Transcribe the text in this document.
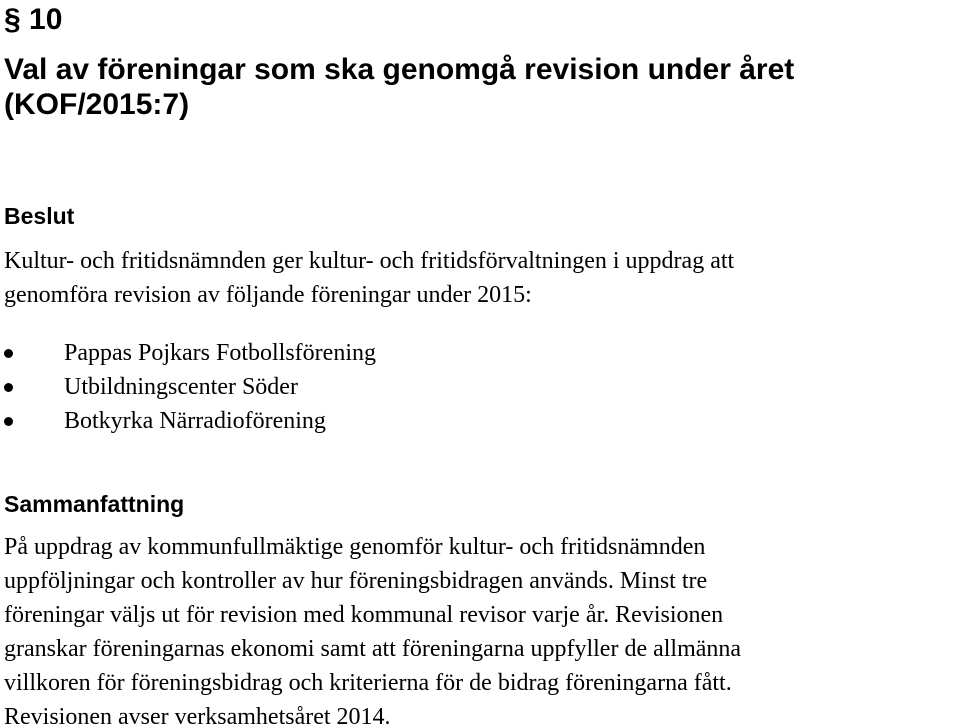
§ 10
Val av föreningar som ska genomgå revision under året
(KOF/2015:7)
Beslut

Kultur- och fritidsnämnden ger kultur- och fritidsförvaltningen i uppdrag att
genomföra revision av följande föreningar under 2015:

Pappas Pojkars Fotbollsförening
Utbildningscenter Söder
Botkyrka Närradioförening
Sammanfattning

På uppdrag av kommunfullmäktige genomför kultur- och fritidsnämnden
uppföljningar och kontroller av hur föreningsbidragen används. Minst tre
föreningar väljs ut för revision med kommunal revisor varje år. Revisionen
granskar föreningarnas ekonomi samt att föreningarna uppfyller de allmänna
villkoren för föreningsbidrag och kriterierna för de bidrag föreningarna fått.
Revisionen avser verksamhetsåret 2014.
